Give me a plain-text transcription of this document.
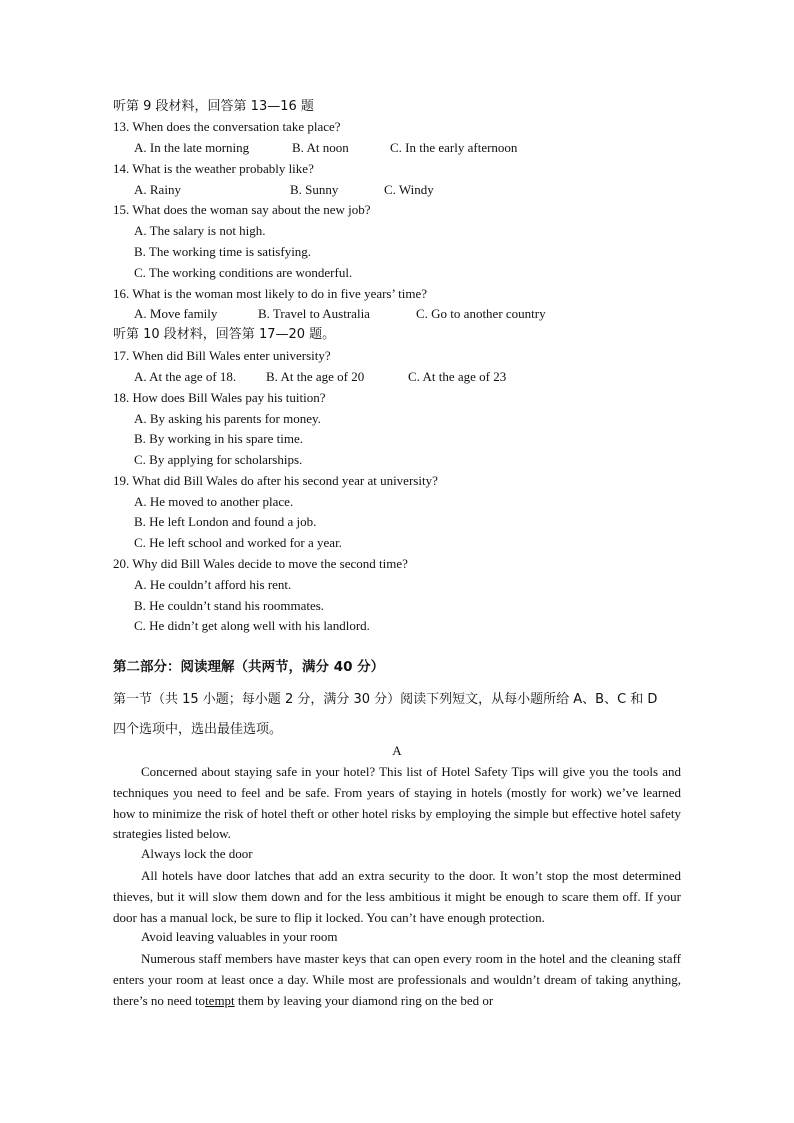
听第 9 段材料，回答第 13—16 题
13. When does the conversation take place?
A. In the late morning	B. At noon	C. In the early afternoon
14. What is the weather probably like?
A. Rainy	B. Sunny	C. Windy
15. What does the woman say about the new job?
A. The salary is not high.
B. The working time is satisfying.
C. The working conditions are wonderful.
16. What is the woman most likely to do in five years’ time?
A. Move family	B. Travel to Australia	C. Go to another country
听第 10 段材料，回答第 17—20 题。
17. When did Bill Wales enter university?
A. At the age of 18. B. At the age of 20	C. At the age of 23
18. How does Bill Wales pay his tuition?
A. By asking his parents for money.
B. By working in his spare time.
C. By applying for scholarships.
19. What did Bill Wales do after his second year at university?
A. He moved to another place.
B. He left London and found a job.
C. He left school and worked for a year.
20. Why did Bill Wales decide to move the second time?
A. He couldn’t afford his rent.
B. He couldn’t stand his roommates.
C. He didn’t get along well with his landlord.
第二部分：阅读理解（共两节，满分 40 分）
第一节（共 15 小题；每小题 2 分，满分 30 分）阅读下列短文，从每小题所给 A、B、C 和 D
四个选项中，选出最佳选项。
A
Concerned about staying safe in your hotel? This list of Hotel Safety Tips will give you the tools and techniques you need to feel and be safe. From years of staying in hotels (mostly for work) we’ve learned how to minimize the risk of hotel theft or other hotel risks by employing the simple but effective hotel safety strategies listed below.
Always lock the door
All hotels have door latches that add an extra security to the door. It won’t stop the most determined thieves, but it will slow them down and for the less ambitious it might be enough to scare them off. If your door has a manual lock, be sure to flip it locked. You can’t have enough protection.
Avoid leaving valuables in your room
Numerous staff members have master keys that can open every room in the hotel and the cleaning staff enters your room at least once a day. While most are professionals and wouldn’t dream of taking anything, there’s no need totempt them by leaving your diamond ring on the bed or
